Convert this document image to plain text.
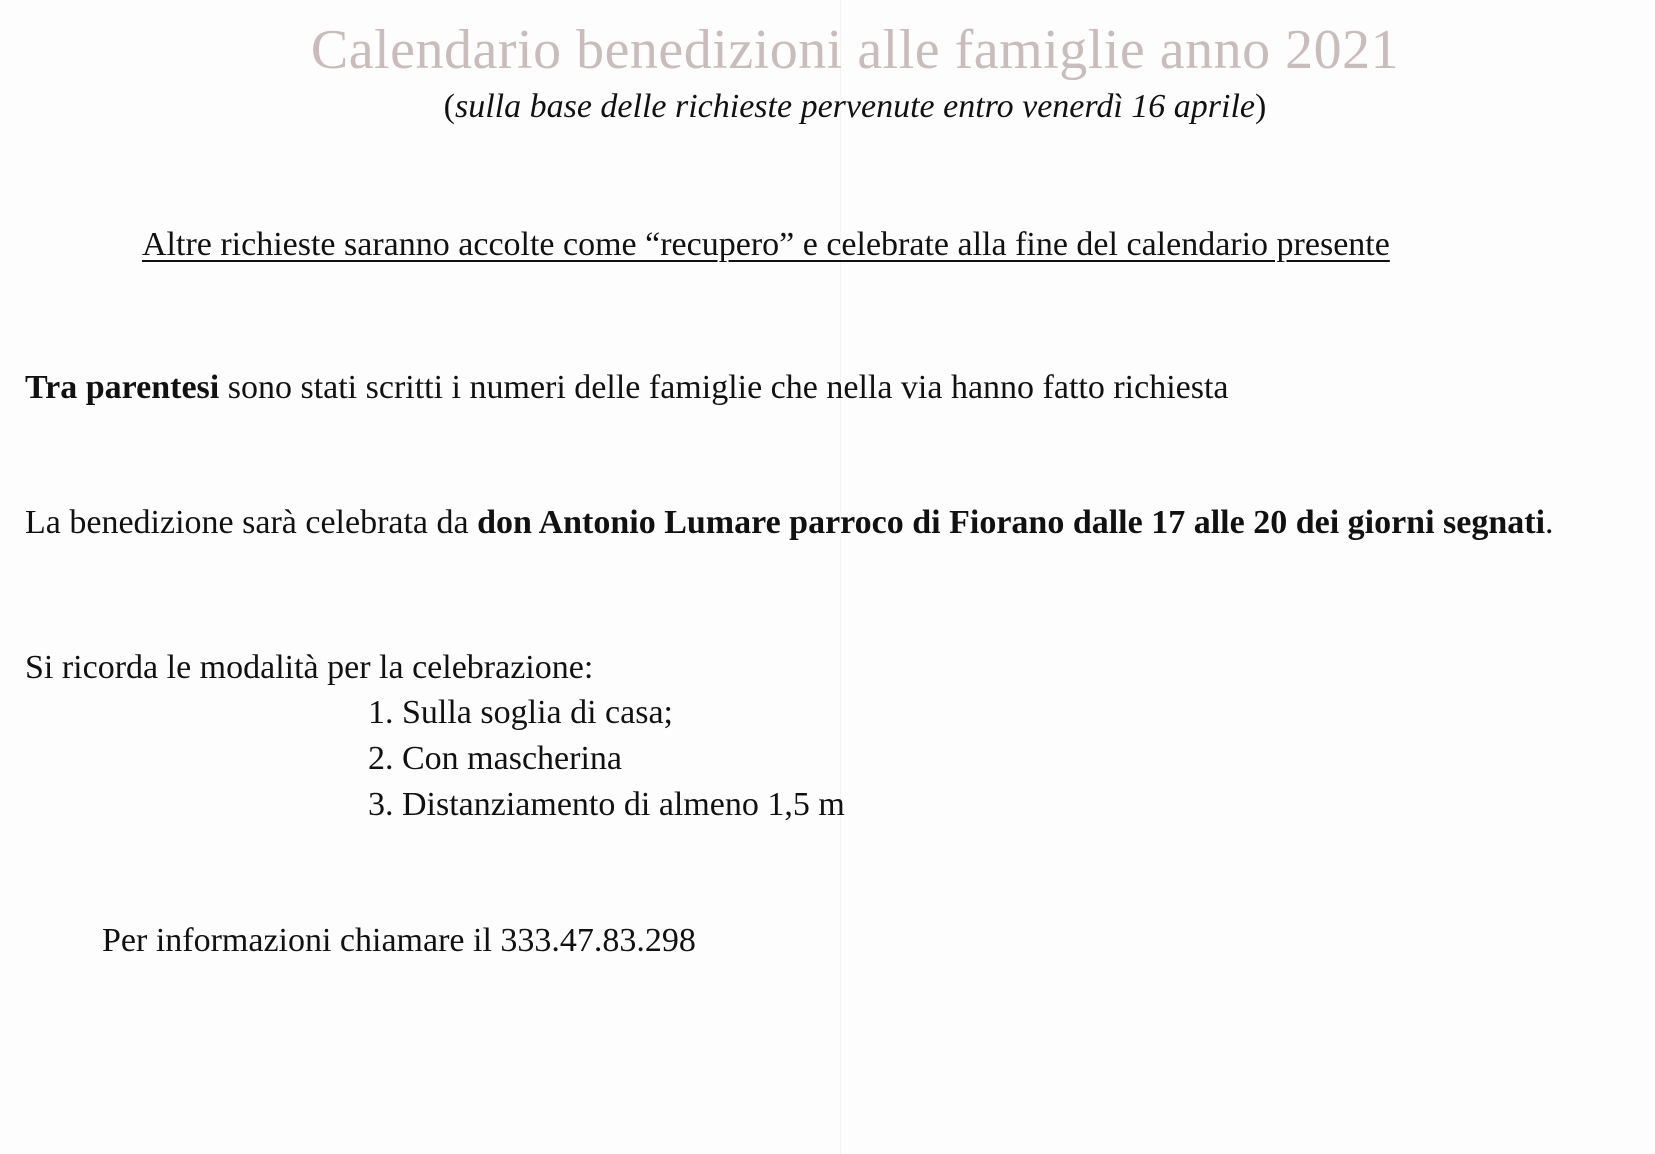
Calendario benedizioni alle famiglie anno 2021

(sulla base delle richieste pervenute entro venerdì 16 aprile)

Altre richieste saranno accolte come “recupero” e celebrate alla fine del calendario presente

Tra parentesi sono stati scritti i numeri delle famiglie che nella via hanno fatto richiesta

La benedizione sarà celebrata da don Antonio Lumare parroco di Fiorano dalle 17 alle 20 dei giorni segnati.

Si ricorda le modalità per la celebrazione:

1. Sulla soglia di casa;
2. Con mascherina
3. Distanziamento di almeno 1,5 m

Per informazioni chiamare il 333.47.83.298
